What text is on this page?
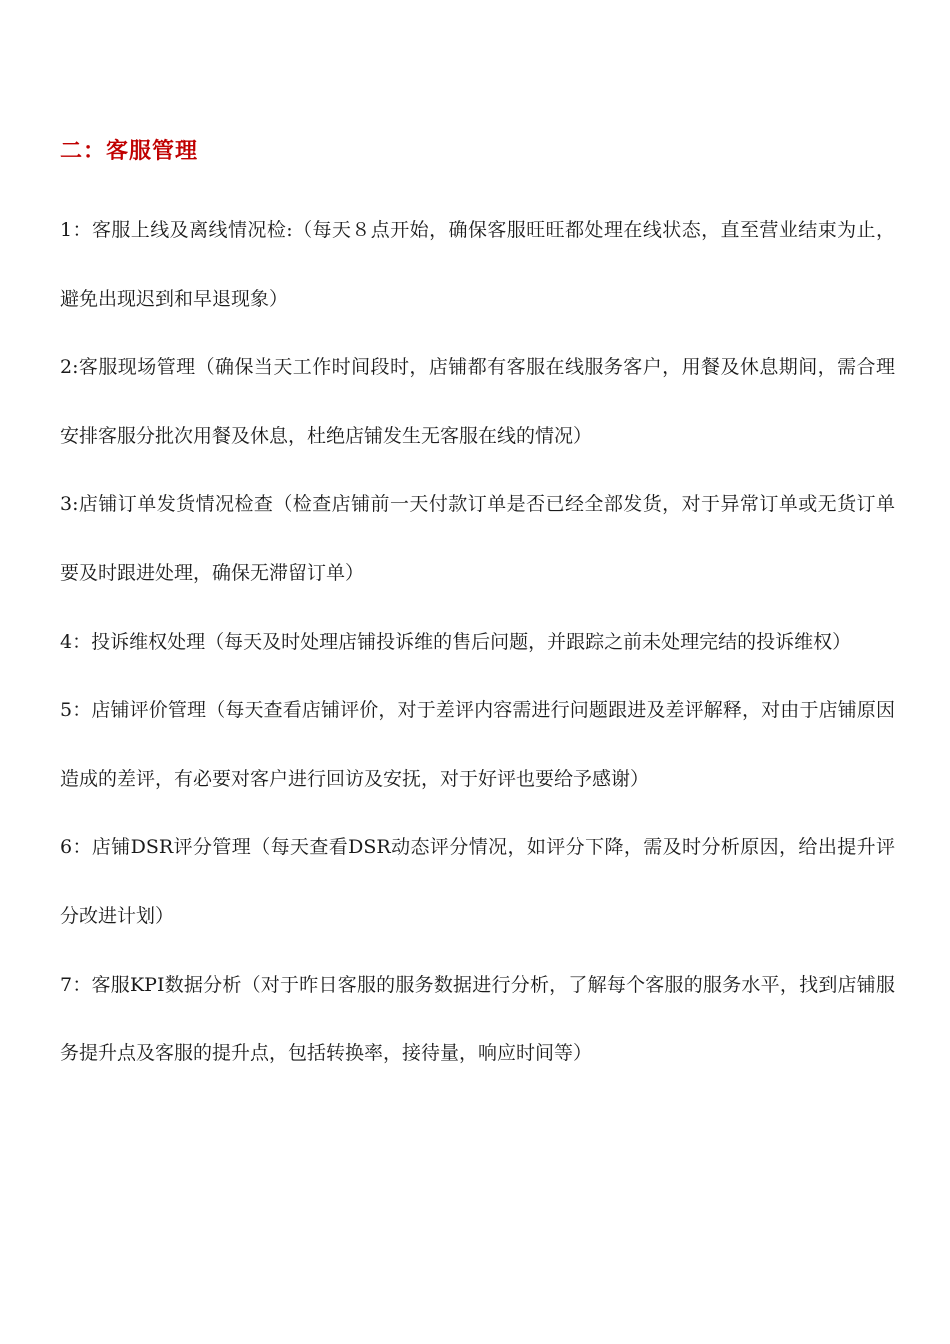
二：客服管理
1：客服上线及离线情况检:（每天８点开始，确保客服旺旺都处理在线状态，直至营业结束为止，避免出现迟到和早退现象）
2:客服现场管理（确保当天工作时间段时，店铺都有客服在线服务客户，用餐及休息期间，需合理安排客服分批次用餐及休息，杜绝店铺发生无客服在线的情况）
3:店铺订单发货情况检查（检查店铺前一天付款订单是否已经全部发货，对于异常订单或无货订单要及时跟进处理，确保无滞留订单）
4：投诉维权处理（每天及时处理店铺投诉维的售后问题，并跟踪之前未处理完结的投诉维权）
5：店铺评价管理（每天查看店铺评价，对于差评内容需进行问题跟进及差评解释，对由于店铺原因造成的差评，有必要对客户进行回访及安抚，对于好评也要给予感谢）
6：店铺DSR评分管理（每天查看DSR动态评分情况，如评分下降，需及时分析原因，给出提升评分改进计划）
7：客服KPI数据分析（对于昨日客服的服务数据进行分析，了解每个客服的服务水平，找到店铺服务提升点及客服的提升点，包括转换率，接待量，响应时间等）
